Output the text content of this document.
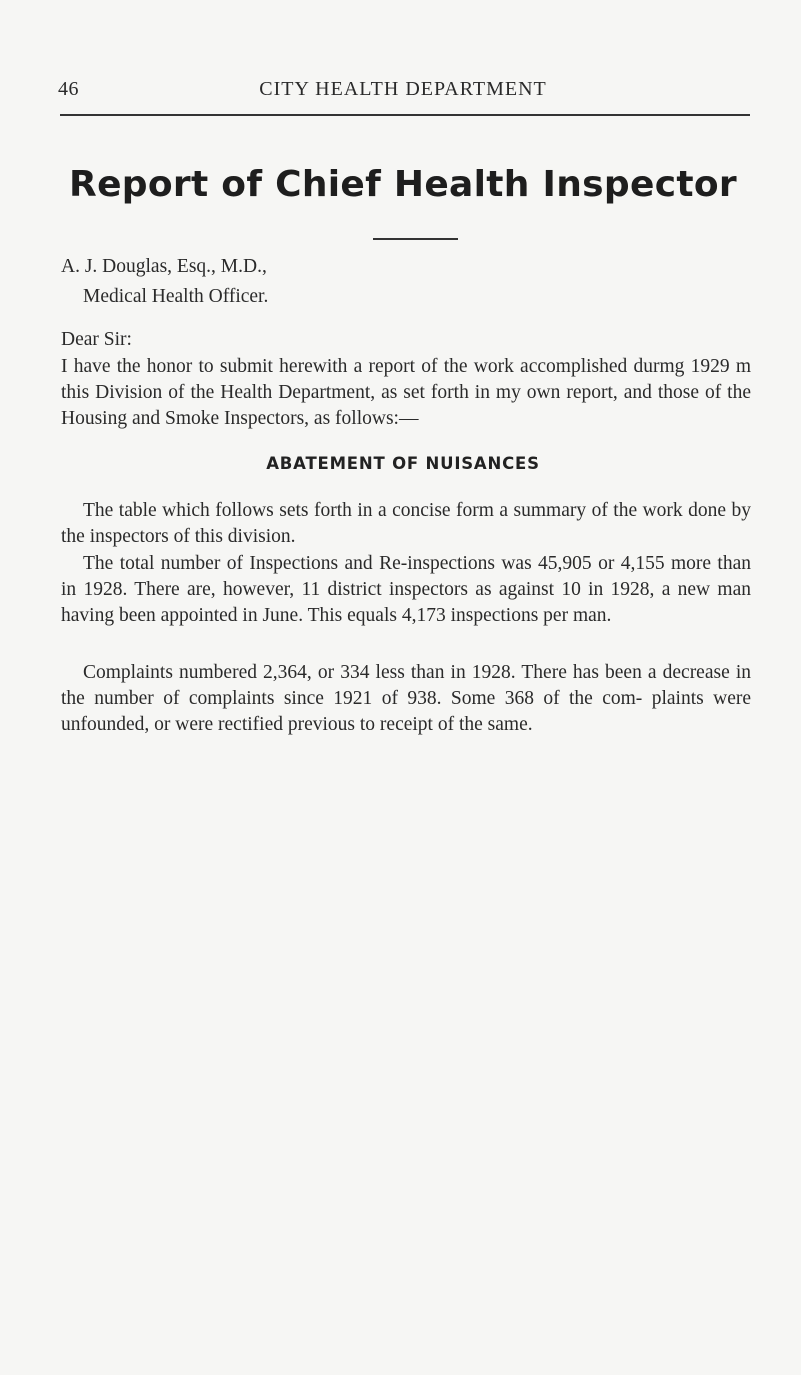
46	CITY HEALTH DEPARTMENT
Report of Chief Health Inspector
A. J. Douglas, Esq., M.D.,
Medical Health Officer.
Dear Sir:
I have the honor to submit herewith a report of the work accomplished durmg 1929 m this Division of the Health Department, as set forth in my own report, and those of the Housing and Smoke Inspectors, as follows:—
ABATEMENT OF NUISANCES
The table which follows sets forth in a concise form a summary of the work done by the inspectors of this division.
The total number of Inspections and Re-inspections was 45,905 or 4,155 more than in 1928. There are, however, 11 district inspectors as against 10 in 1928, a new man having been appointed in June. This equals 4,173 inspections per man.
Complaints numbered 2,364, or 334 less than in 1928. There has been a decrease in the number of complaints since 1921 of 938. Some 368 of the com- plaints were unfounded, or were rectified previous to receipt of the same.
